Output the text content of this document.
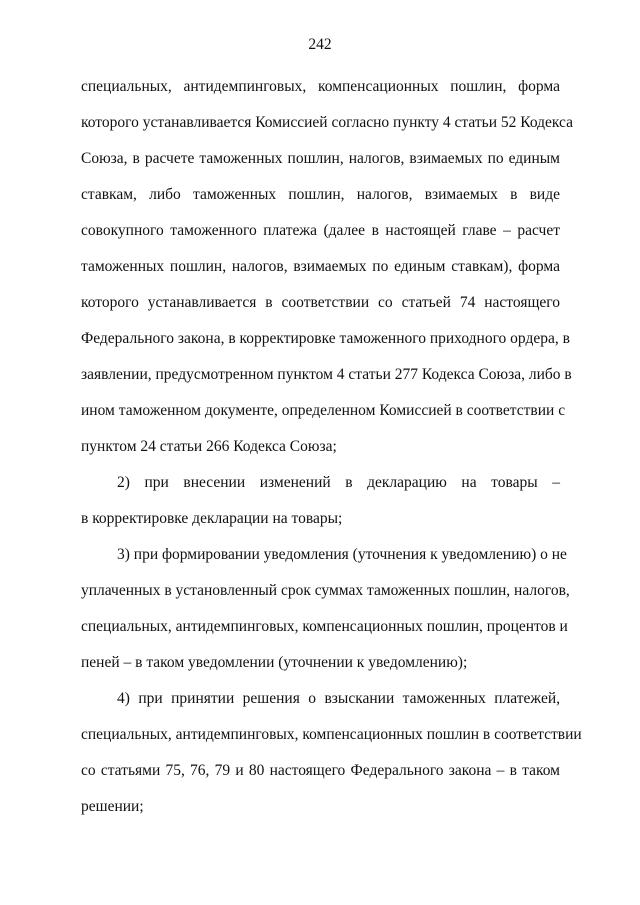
242
специальных, антидемпинговых, компенсационных пошлин, форма
которого устанавливается Комиссией согласно пункту 4 статьи 52 Кодекса
Союза, в расчете таможенных пошлин, налогов, взимаемых по единым
ставкам, либо таможенных пошлин, налогов, взимаемых в виде
совокупного таможенного платежа (далее в настоящей главе – расчет
таможенных пошлин, налогов, взимаемых по единым ставкам), форма
которого устанавливается в соответствии со статьей 74 настоящего
Федерального закона, в корректировке таможенного приходного ордера, в
заявлении, предусмотренном пунктом 4 статьи 277 Кодекса Союза, либо в
ином таможенном документе, определенном Комиссией в соответствии с
пунктом 24 статьи 266 Кодекса Союза;
2) при внесении изменений в декларацию на товары –
в корректировке декларации на товары;
3) при формировании уведомления (уточнения к уведомлению) о не
уплаченных в установленный срок суммах таможенных пошлин, налогов,
специальных, антидемпинговых, компенсационных пошлин, процентов и
пеней – в таком уведомлении (уточнении к уведомлению);
4) при принятии решения о взыскании таможенных платежей,
специальных, антидемпинговых, компенсационных пошлин в соответствии
со статьями 75, 76, 79 и 80 настоящего Федерального закона – в таком
решении;
